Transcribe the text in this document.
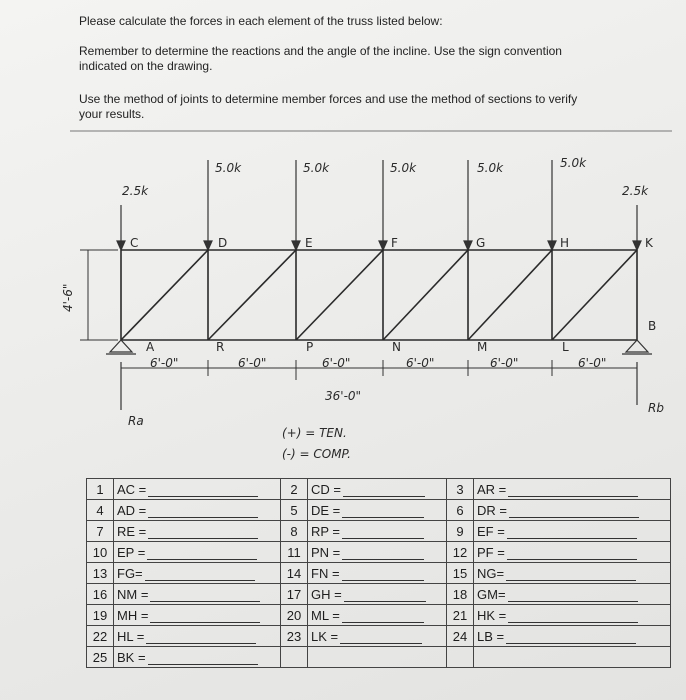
Please calculate the forces in each element of the truss listed below:
Remember to determine the reactions and the angle of the incline. Use the sign convention
indicated on the drawing.
Use the method of joints to determine member forces and use the method of sections to verify
your results.
2.5k
5.0k	5.0k	5.0k	5.0k	5.0k
2.5k
4'-6"
C	D	E	F	G	H	K
A	R	P	N	M	L
B
6'-0"	6'-0"	6'-0"	6'-0"	6'-0"	6'-0"
36'-0"
Ra
Rb
(+) = TEN.
(-) = COMP.
1	AC =	2	CD =	3	AR =
4	AD =	5	DE =	6	DR =
7	RE =	8	RP =	9	EF =
10	EP =	11	PN =	12	PF =
13	FG=	14	FN =	15	NG=
16	NM =	17	GH =	18	GM=
19	MH =	20	ML =	21	HK =
22	HL =	23	LK =	24	LB =
25	BK =				
